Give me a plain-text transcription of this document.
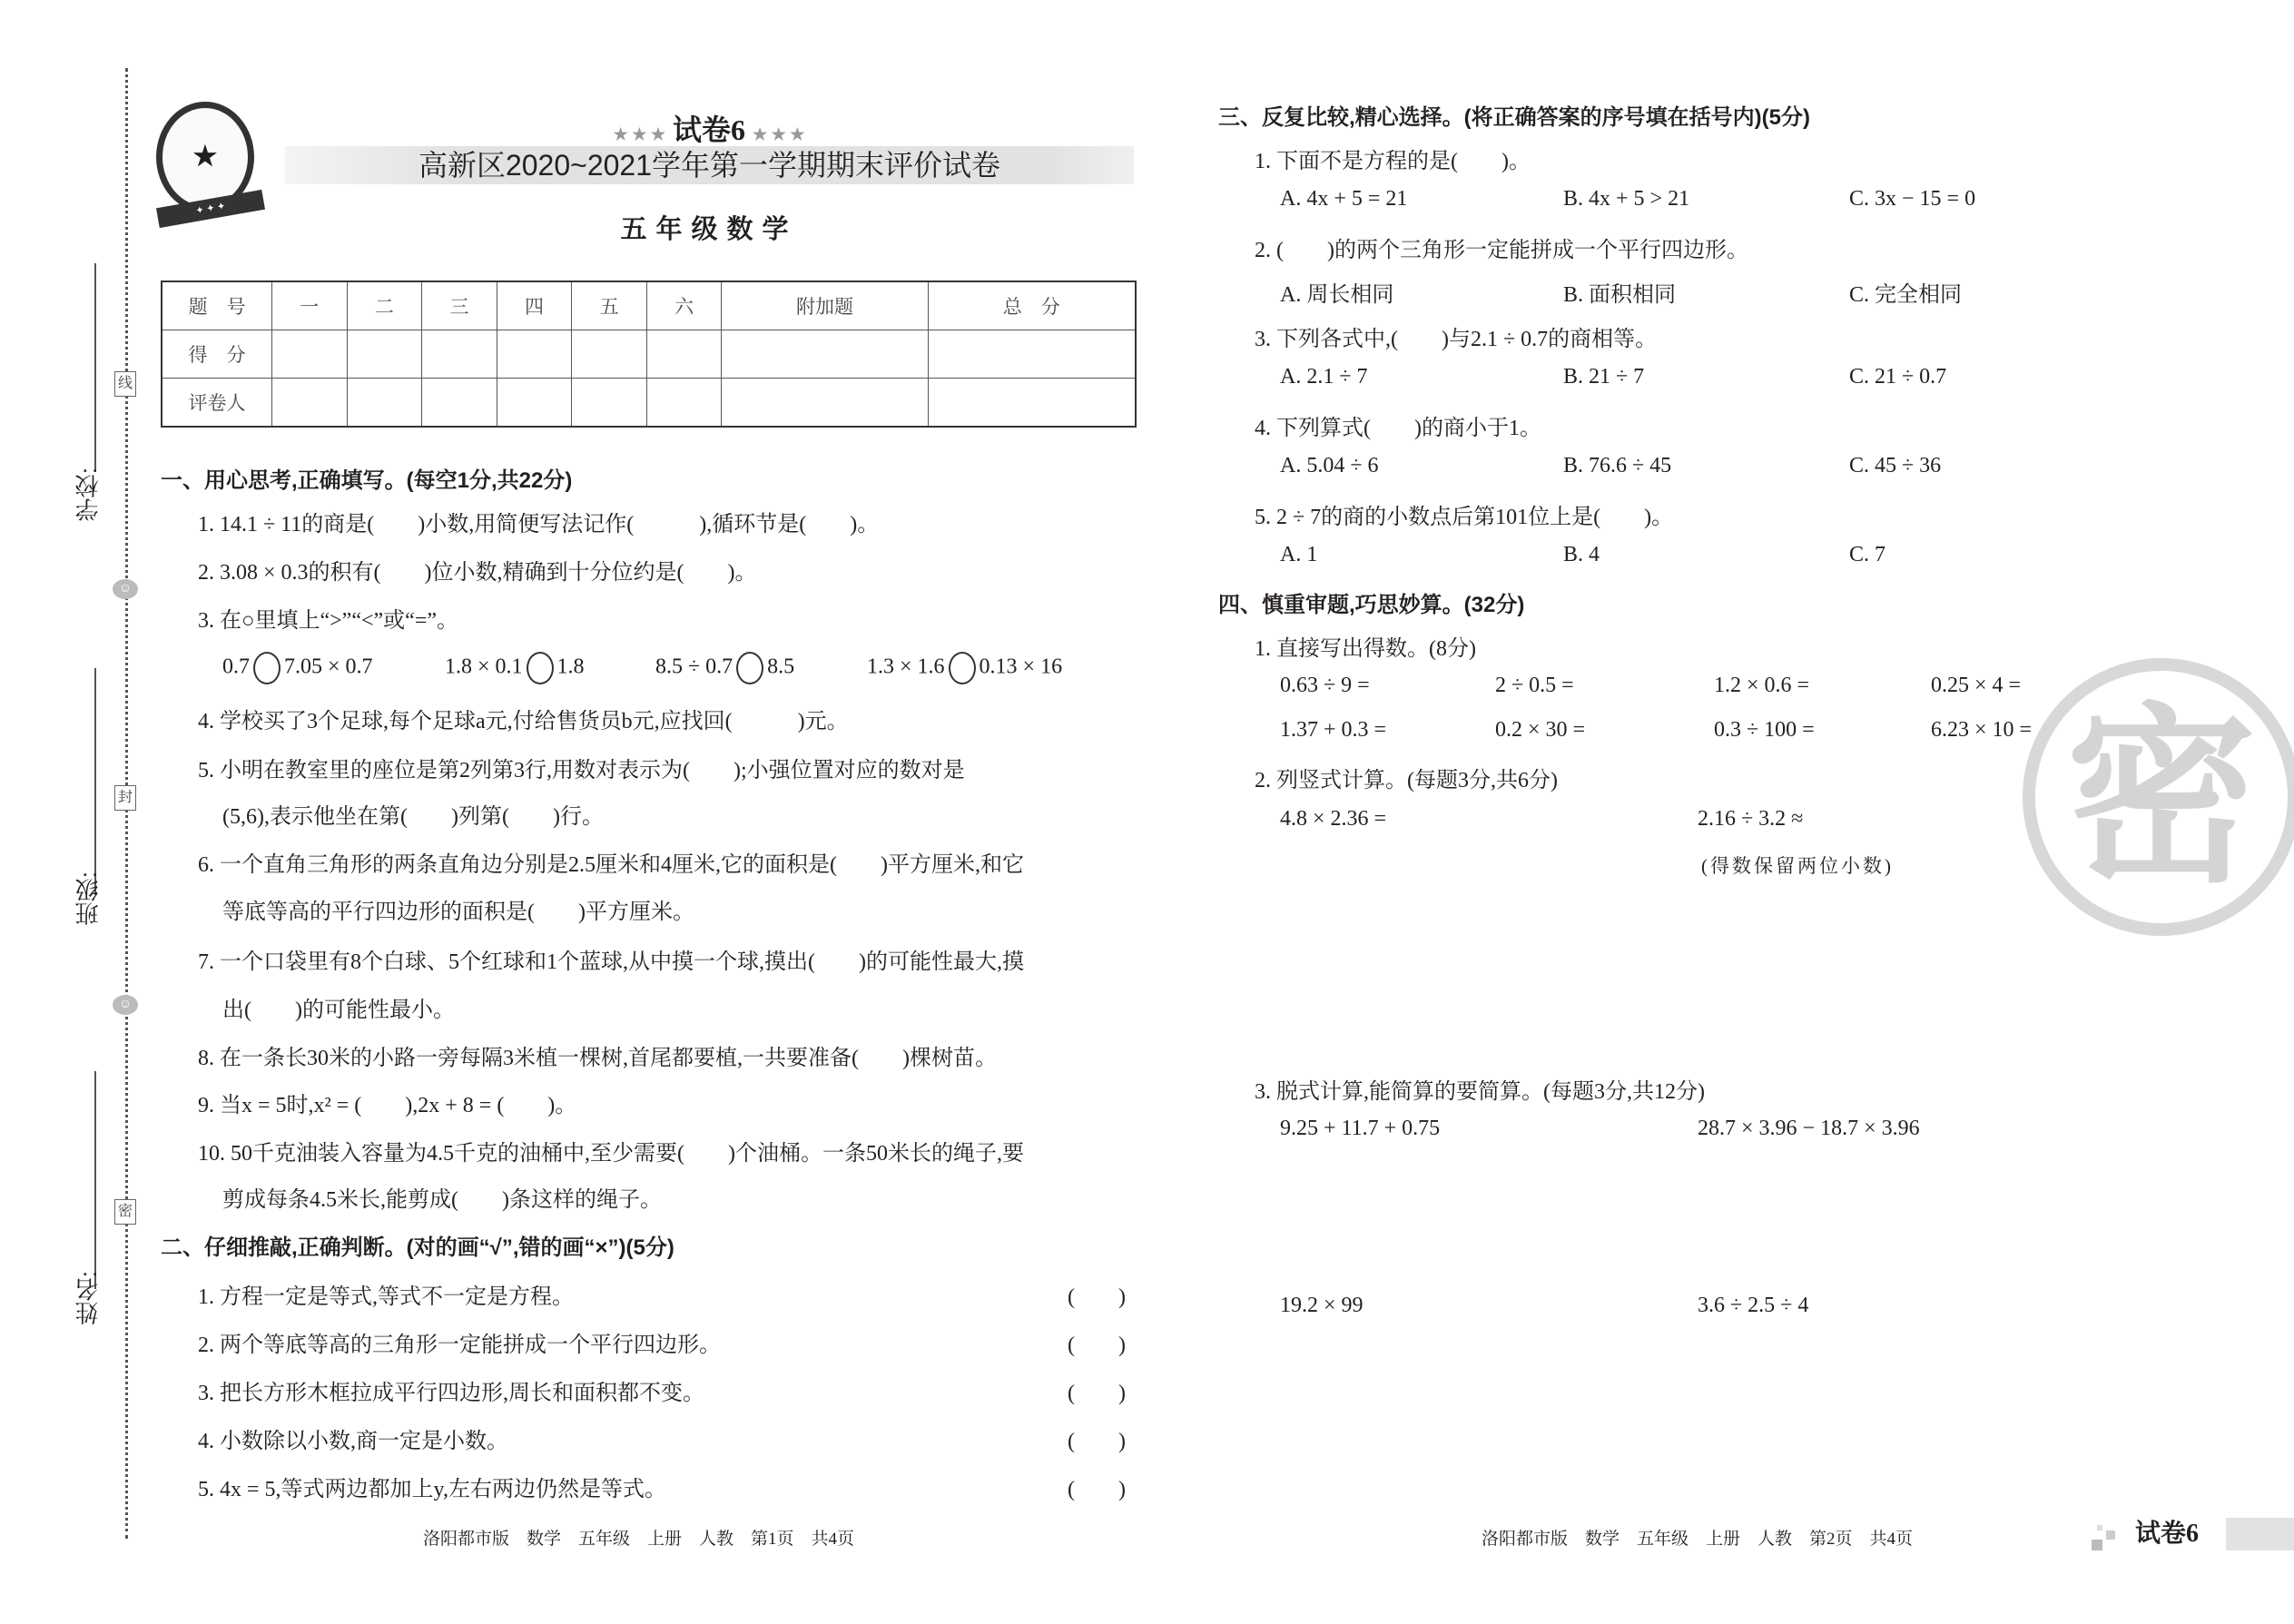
线
封
密
☺
☺
学校:
班级:
姓名:
★
✦ ✦ ✦
★ ★ ★ 试卷6 ★ ★ ★
高新区2020~2021学年第一学期期末评价试卷
五年级数学
题　号	一	二	三	四	五	六	附加题	总　分
得　分								
评卷人								
一、用心思考,正确填写。(每空1分,共22分)
1. 14.1 ÷ 11的商是(　　)小数,用简便写法记作(　　　),循环节是(　　)。
2. 3.08 × 0.3的积有(　　)位小数,精确到十分位约是(　　)。
3. 在○里填上“>”“<”或“=”。
0.7 7.05 × 0.7	1.8 × 0.1 1.8	8.5 ÷ 0.7 8.5	1.3 × 1.6 0.13 × 16
4. 学校买了3个足球,每个足球a元,付给售货员b元,应找回(　　　)元。
5. 小明在教室里的座位是第2列第3行,用数对表示为(　　);小强位置对应的数对是
(5,6),表示他坐在第(　　)列第(　　)行。
6. 一个直角三角形的两条直角边分别是2.5厘米和4厘米,它的面积是(　　)平方厘米,和它
等底等高的平行四边形的面积是(　　)平方厘米。
7. 一个口袋里有8个白球、5个红球和1个蓝球,从中摸一个球,摸出(　　)的可能性最大,摸
出(　　)的可能性最小。
8. 在一条长30米的小路一旁每隔3米植一棵树,首尾都要植,一共要准备(　　)棵树苗。
9. 当x = 5时,x² = (　　),2x + 8 = (　　)。
10. 50千克油装入容量为4.5千克的油桶中,至少需要(　　)个油桶。一条50米长的绳子,要
剪成每条4.5米长,能剪成(　　)条这样的绳子。
二、仔细推敲,正确判断。(对的画“√”,错的画“×”)(5分)
1. 方程一定是等式,等式不一定是方程。	(　　)
2. 两个等底等高的三角形一定能拼成一个平行四边形。	(　　)
3. 把长方形木框拉成平行四边形,周长和面积都不变。	(　　)
4. 小数除以小数,商一定是小数。	(　　)
5. 4x = 5,等式两边都加上y,左右两边仍然是等式。	(　　)
三、反复比较,精心选择。(将正确答案的序号填在括号内)(5分)
1. 下面不是方程的是(　　)。
A. 4x + 5 = 21	B. 4x + 5 > 21	C. 3x − 15 = 0
2. (　　)的两个三角形一定能拼成一个平行四边形。
A. 周长相同	B. 面积相同	C. 完全相同
3. 下列各式中,(　　)与2.1 ÷ 0.7的商相等。
A. 2.1 ÷ 7	B. 21 ÷ 7	C. 21 ÷ 0.7
4. 下列算式(　　)的商小于1。
A. 5.04 ÷ 6	B. 76.6 ÷ 45	C. 45 ÷ 36
5. 2 ÷ 7的商的小数点后第101位上是(　　)。
A. 1	B. 4	C. 7
密
四、慎重审题,巧思妙算。(32分)
1. 直接写出得数。(8分)
0.63 ÷ 9 =	2 ÷ 0.5 =	1.2 × 0.6 =	0.25 × 4 =
1.37 + 0.3 =	0.2 × 30 =	0.3 ÷ 100 =	6.23 × 10 =
2. 列竖式计算。(每题3分,共6分)
4.8 × 2.36 =	2.16 ÷ 3.2 ≈
(得数保留两位小数)
3. 脱式计算,能简算的要简算。(每题3分,共12分)
9.25 + 11.7 + 0.75	28.7 × 3.96 − 18.7 × 3.96
19.2 × 99	3.6 ÷ 2.5 ÷ 4
洛阳都市版　数学　五年级　上册　人教　第1页　共4页	洛阳都市版　数学　五年级　上册　人教　第2页　共4页	试卷6
